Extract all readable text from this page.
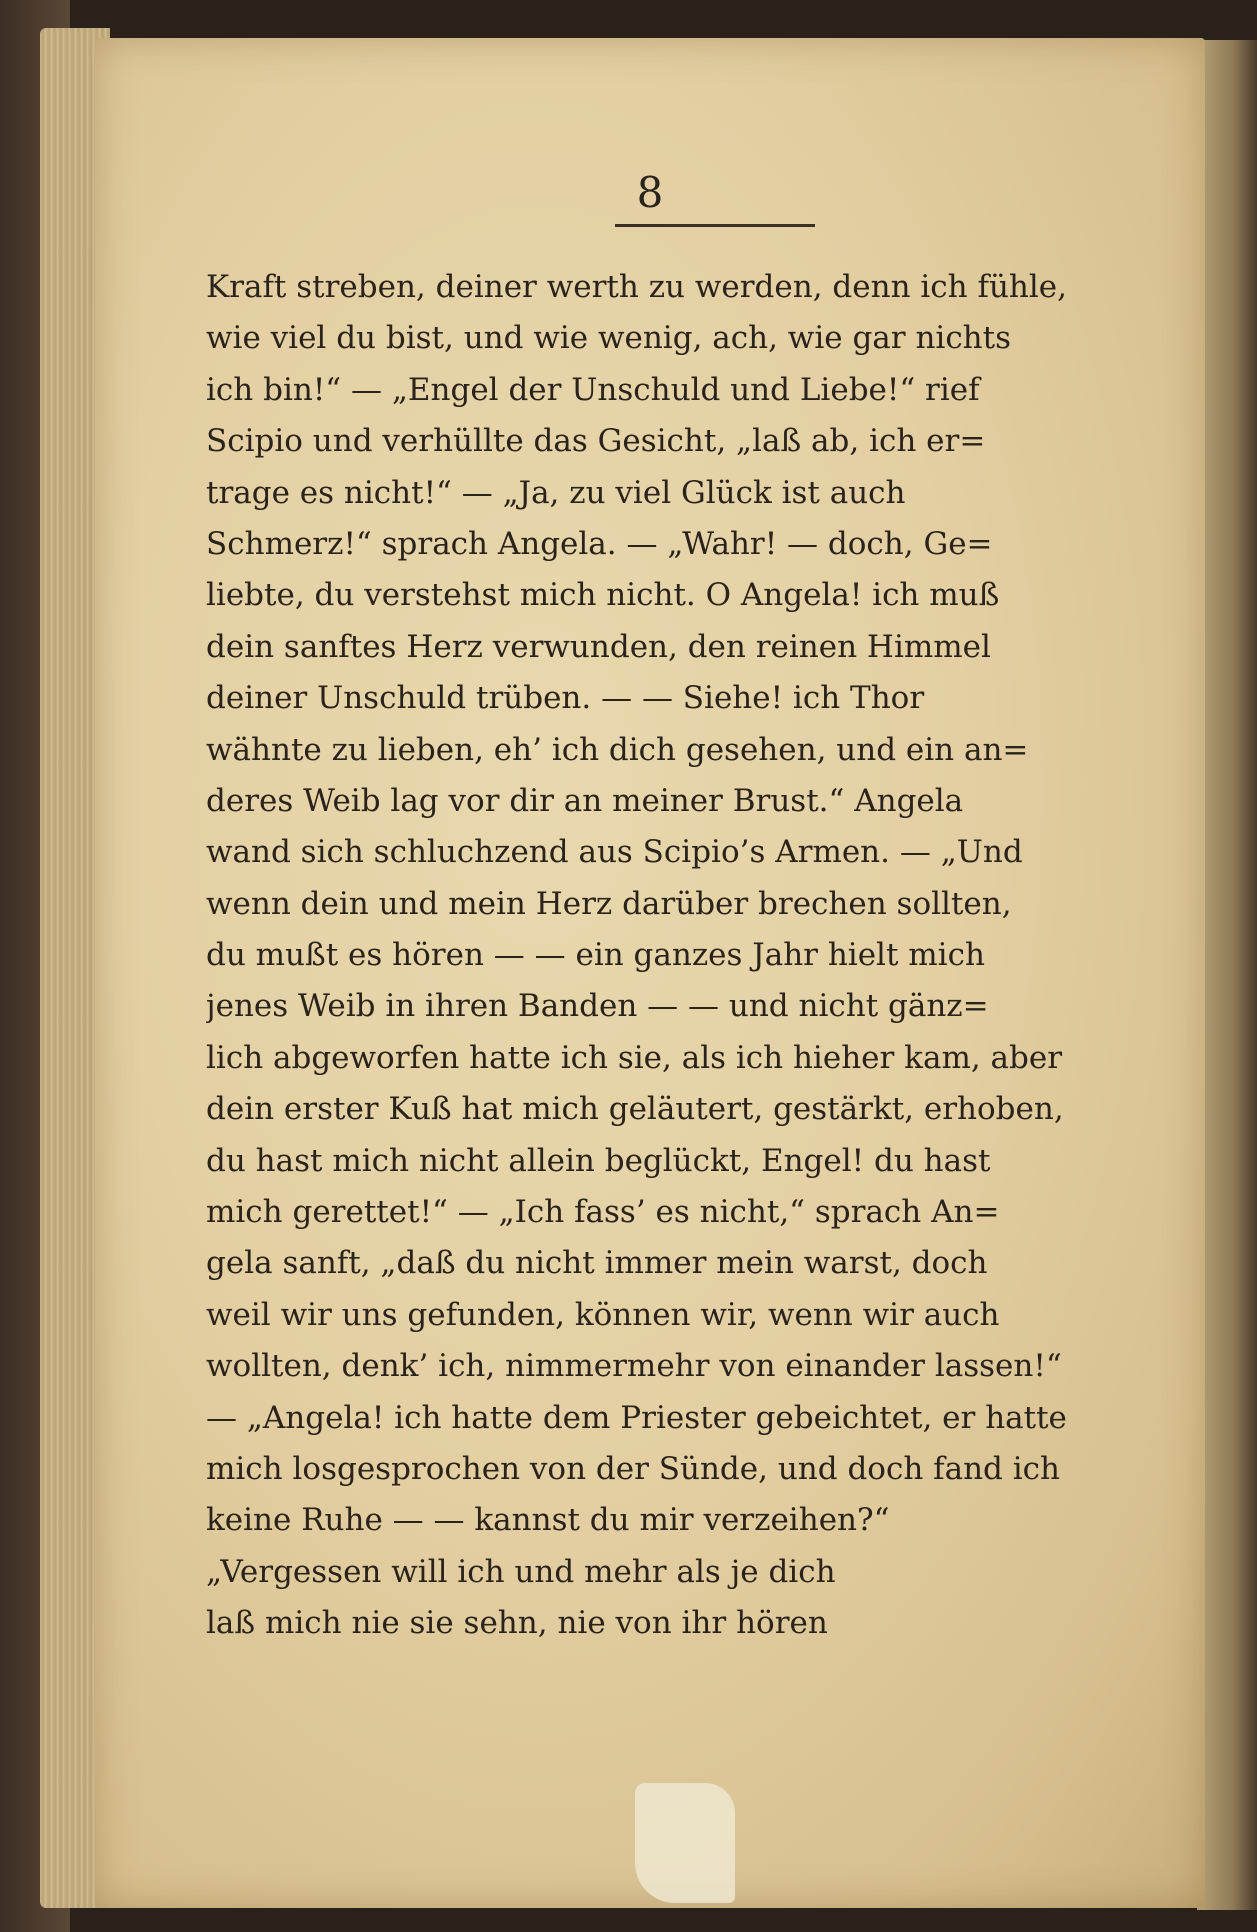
8
Kraft streben, deiner werth zu werden, denn ich fühle,
wie viel du bist, und wie wenig, ach, wie gar nichts
ich bin!“ — „Engel der Unschuld und Liebe!“ rief
Scipio und verhüllte das Gesicht, „laß ab, ich er=
trage es nicht!“ — „Ja, zu viel Glück ist auch
Schmerz!“ sprach Angela. — „Wahr! — doch, Ge=
liebte, du verstehst mich nicht. O Angela! ich muß
dein sanftes Herz verwunden, den reinen Himmel
deiner Unschuld trüben. — — Siehe! ich Thor
wähnte zu lieben, eh’ ich dich gesehen, und ein an=
deres Weib lag vor dir an meiner Brust.“ Angela
wand sich schluchzend aus Scipio’s Armen. — „Und
wenn dein und mein Herz darüber brechen sollten,
du mußt es hören — — ein ganzes Jahr hielt mich
jenes Weib in ihren Banden — — und nicht gänz=
lich abgeworfen hatte ich sie, als ich hieher kam, aber
dein erster Kuß hat mich geläutert, gestärkt, erhoben,
du hast mich nicht allein beglückt, Engel! du hast
mich gerettet!“ — „Ich fass’ es nicht,“ sprach An=
gela sanft, „daß du nicht immer mein warst, doch
weil wir uns gefunden, können wir, wenn wir auch
wollten, denk’ ich, nimmermehr von einander lassen!“
— „Angela! ich hatte dem Priester gebeichtet, er hatte
mich losgesprochen von der Sünde, und doch fand ich
keine Ruhe — — kannst du mir verzeihen?“
„Vergessen will ich und mehr als je dich
laß mich nie sie sehn, nie von ihr hören
